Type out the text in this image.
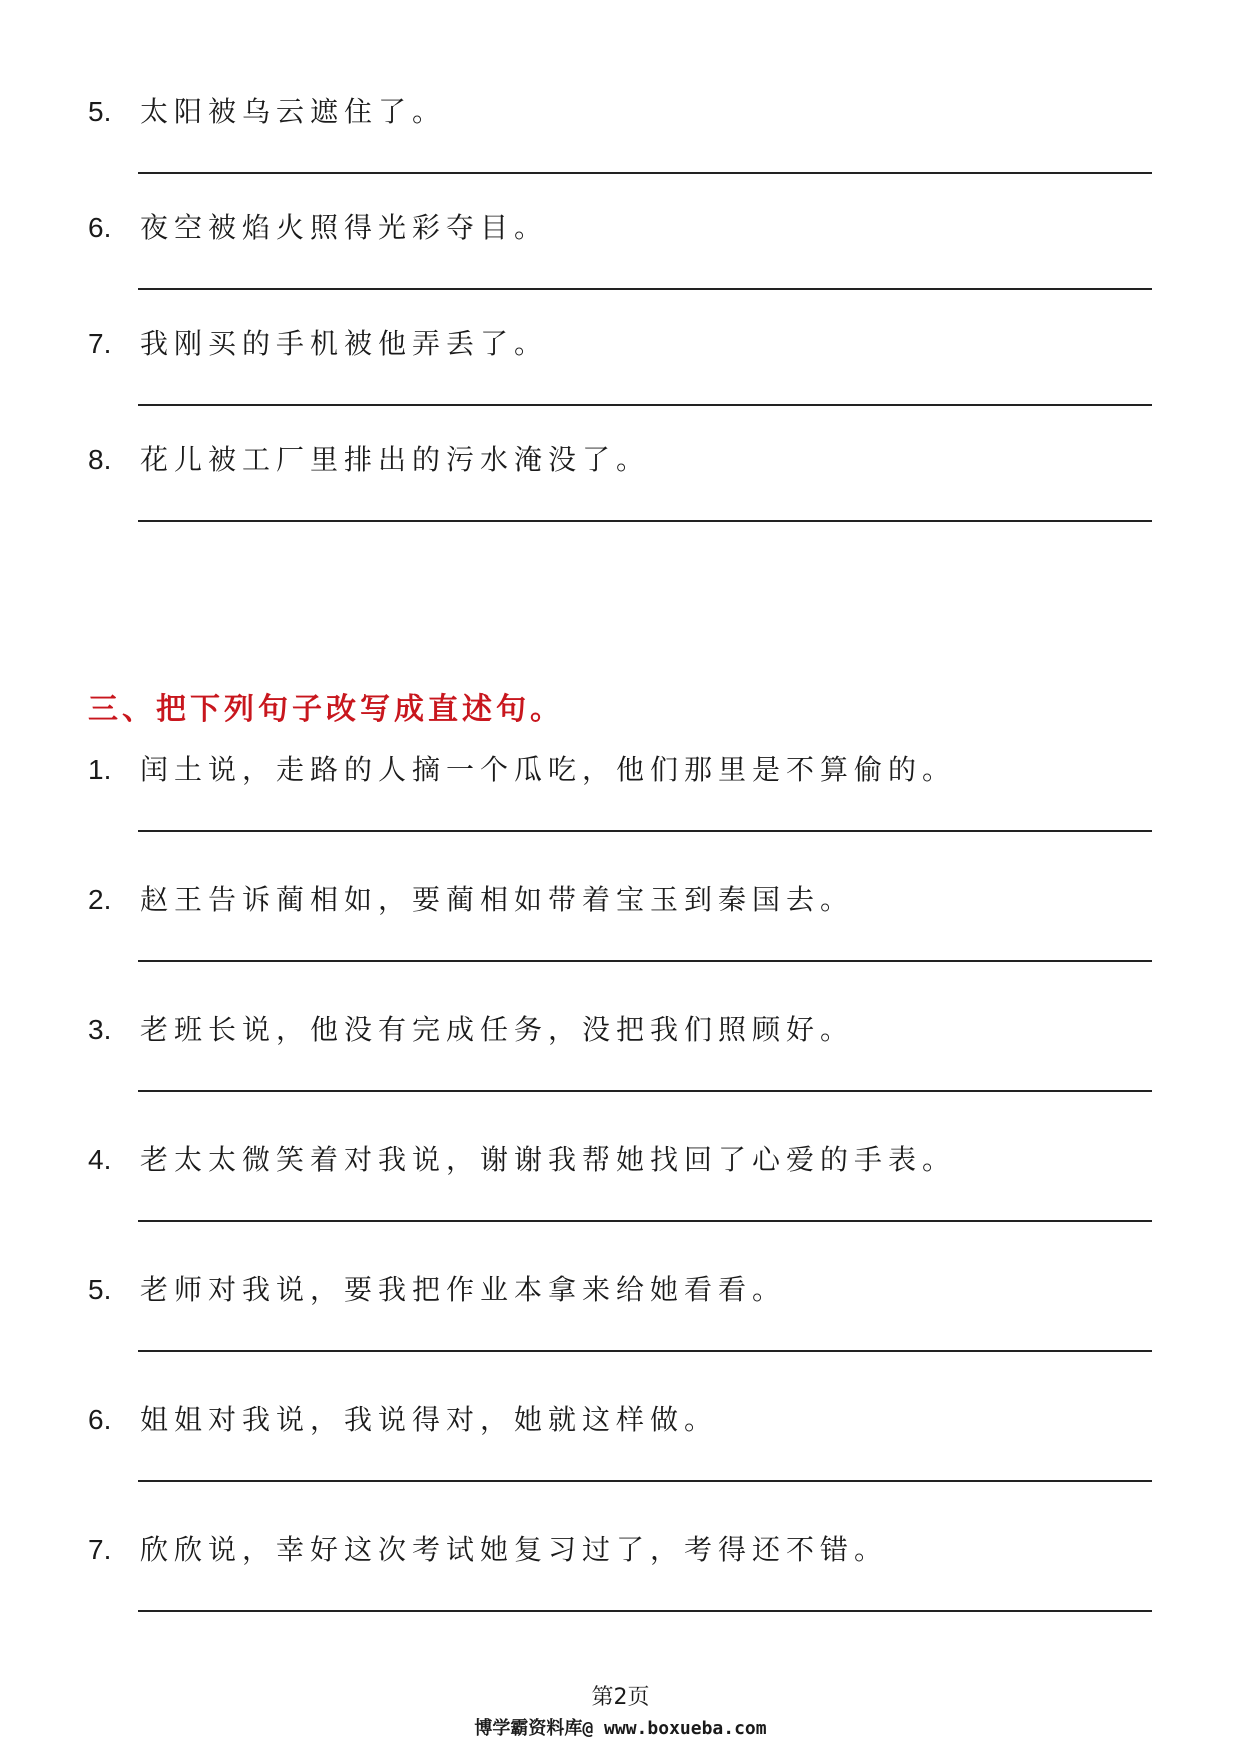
5. 太阳被乌云遮住了。
6. 夜空被焰火照得光彩夺目。
7. 我刚买的手机被他弄丢了。
8. 花儿被工厂里排出的污水淹没了。
三、把下列句子改写成直述句。
1. 闰土说，走路的人摘一个瓜吃，他们那里是不算偷的。
2. 赵王告诉蔺相如，要蔺相如带着宝玉到秦国去。
3. 老班长说，他没有完成任务，没把我们照顾好。
4. 老太太微笑着对我说，谢谢我帮她找回了心爱的手表。
5. 老师对我说，要我把作业本拿来给她看看。
6. 姐姐对我说，我说得对，她就这样做。
7. 欣欣说，幸好这次考试她复习过了，考得还不错。
第2页
博学霸资料库@ www.boxueba.com
